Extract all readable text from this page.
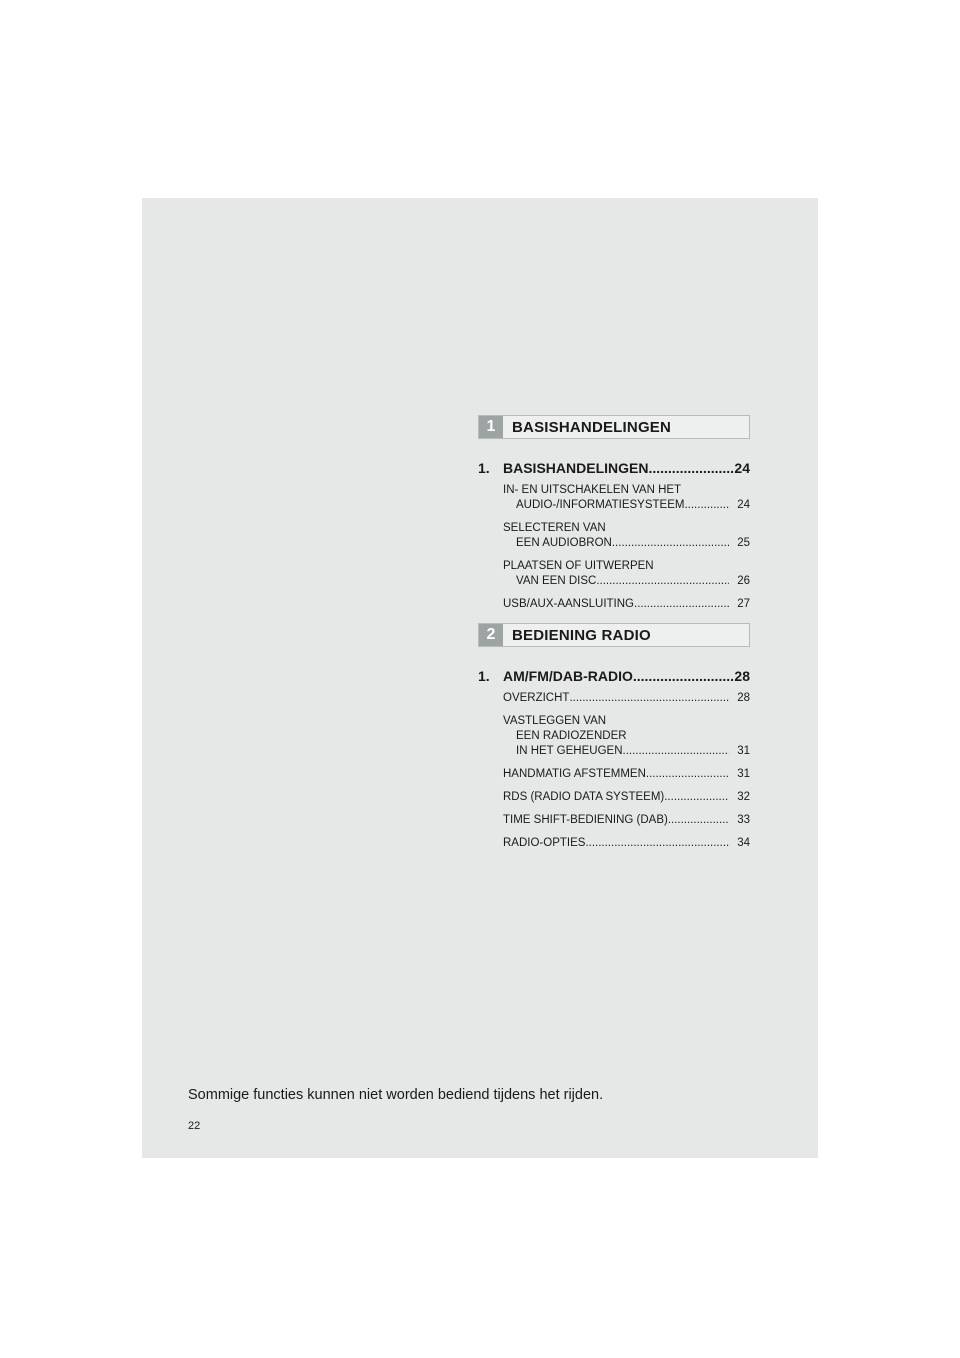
1	BASISHANDELINGEN
1. BASISHANDELINGEN .....	24
IN- EN UITSCHAKELEN VAN HET
AUDIO-/INFORMATIESYSTEEM .....	24
SELECTEREN VAN
EEN AUDIOBRON .....	25
PLAATSEN OF UITWERPEN
VAN EEN DISC .....	26
USB/AUX-AANSLUITING .....	27
2	BEDIENING RADIO
1. AM/FM/DAB-RADIO .....	28
OVERZICHT .....	28
VASTLEGGEN VAN
EEN RADIOZENDER
IN HET GEHEUGEN .....	31
HANDMATIG AFSTEMMEN .....	31
RDS (RADIO DATA SYSTEEM) .....	32
TIME SHIFT-BEDIENING (DAB) .....	33
RADIO-OPTIES .....	34
Sommige functies kunnen niet worden bediend tijdens het rijden.
22
